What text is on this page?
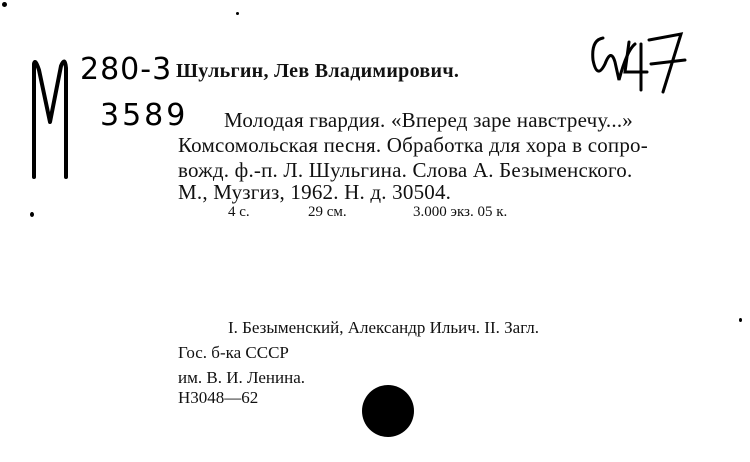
280-3
3589
Шульгин, Лев Владимирович.
Молодая гвардия. «Вперед заре навстречу...»
Комсомольская песня. Обработка для хора в сопро-
вожд. ф.-п. Л. Шульгина. Слова А. Безыменского.
М., Музгиз, 1962. Н. д. 30504.
4 с.	29 см.	3.000 экз. 05 к.
I. Безыменский, Александр Ильич. II. Загл.
Гос. б-ка СССР
им. В. И. Ленина.
Н3048—62
